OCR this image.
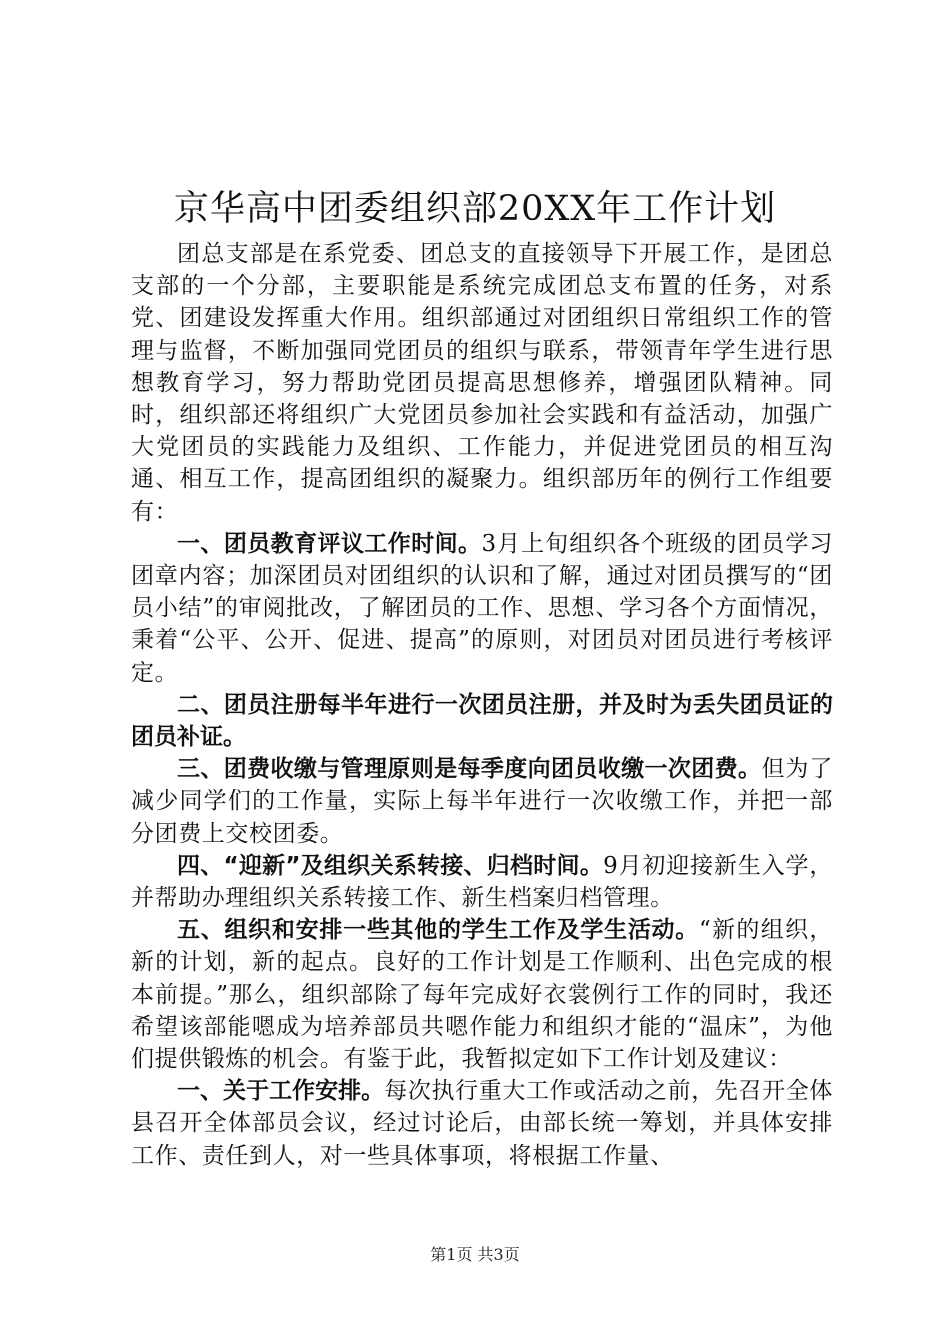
京华高中团委组织部20XX年工作计划

团总支部是在系党委、团总支的直接领导下开展工作，是团总支部的一个分部，主要职能是系统完成团总支布置的任务，对系党、团建设发挥重大作用。组织部通过对团组织日常组织工作的管理与监督，不断加强同党团员的组织与联系，带领青年学生进行思想教育学习，努力帮助党团员提高思想修养，增强团队精神。同时，组织部还将组织广大党团员参加社会实践和有益活动，加强广大党团员的实践能力及组织、工作能力，并促进党团员的相互沟通、相互工作，提高团组织的凝聚力。组织部历年的例行工作组要有：

一、团员教育评议工作时间。3月上旬组织各个班级的团员学习团章内容；加深团员对团组织的认识和了解，通过对团员撰写的“团员小结”的审阅批改，了解团员的工作、思想、学习各个方面情况，秉着“公平、公开、促进、提高”的原则，对团员对团员进行考核评定。

二、团员注册每半年进行一次团员注册，并及时为丢失团员证的团员补证。

三、团费收缴与管理原则是每季度向团员收缴一次团费。但为了减少同学们的工作量，实际上每半年进行一次收缴工作，并把一部分团费上交校团委。

四、“迎新”及组织关系转接、归档时间。9月初迎接新生入学，并帮助办理组织关系转接工作、新生档案归档管理。

五、组织和安排一些其他的学生工作及学生活动。“新的组织，新的计划，新的起点。良好的工作计划是工作顺利、出色完成的根本前提。”那么，组织部除了每年完成好衣裳例行工作的同时，我还希望该部能嗯成为培养部员共嗯作能力和组织才能的“温床”，为他们提供锻炼的机会。有鉴于此，我暂拟定如下工作计划及建议：

一、关于工作安排。每次执行重大工作或活动之前，先召开全体县召开全体部员会议，经过讨论后，由部长统一筹划，并具体安排工作、责任到人，对一些具体事项，将根据工作量、

第1页 共3页
